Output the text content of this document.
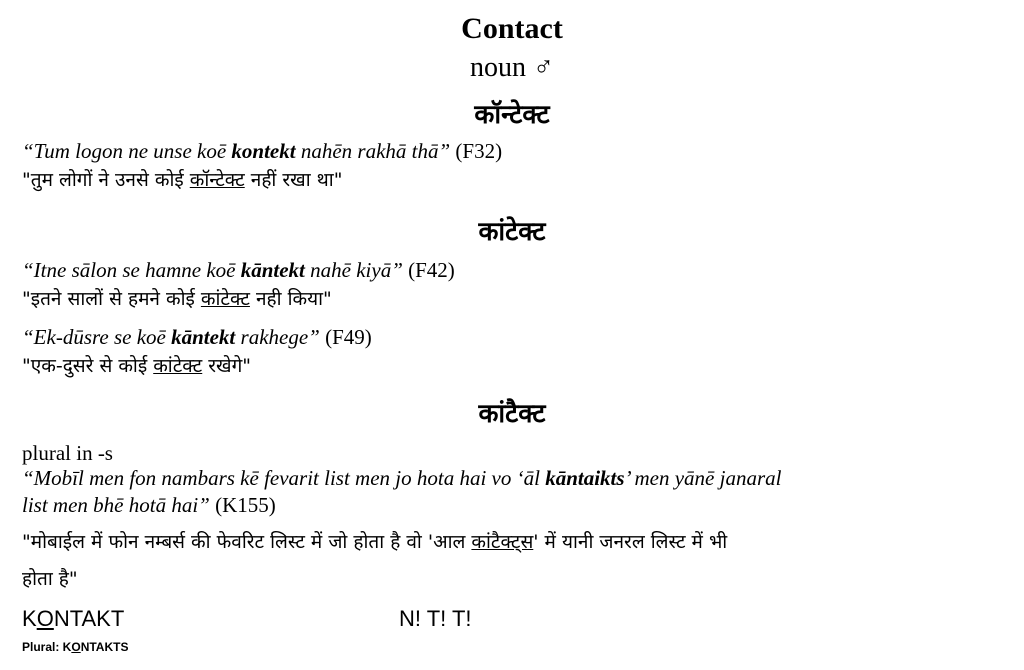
Contact
noun ♂
कॉन्टेक्ट
“Tum logon ne unse koē kontekt nahēn rakhā thā” (F32)
"तुम लोगों ने उनसे कोई कॉन्टेक्ट नहीं रखा था"
कांटेक्ट
“Itne sālon se hamne koē kāntekt nahē kiyā” (F42)
"इतने सालों से हमने कोई कांटेक्ट नही किया"
“Ek-dūsre se koē kāntekt rakhege” (F49)
"एक-दुसरे से कोई कांटेक्ट रखेगे"
कांटैक्ट
plural in -s
“Mobīl men fon nambars kē fevarit list men jo hota hai vo ‘āl kāntaikts’ men yānē janaral
list men bhē hotā hai” (K155)
"मोबाईल में फोन नम्बर्स की फेवरिट लिस्ट में जो होता है वो 'आल कांटैक्ट्स' में यानी जनरल लिस्ट में भी
होता है"
KONTAKT	N! T! T!
Plural: KONTAKTS
